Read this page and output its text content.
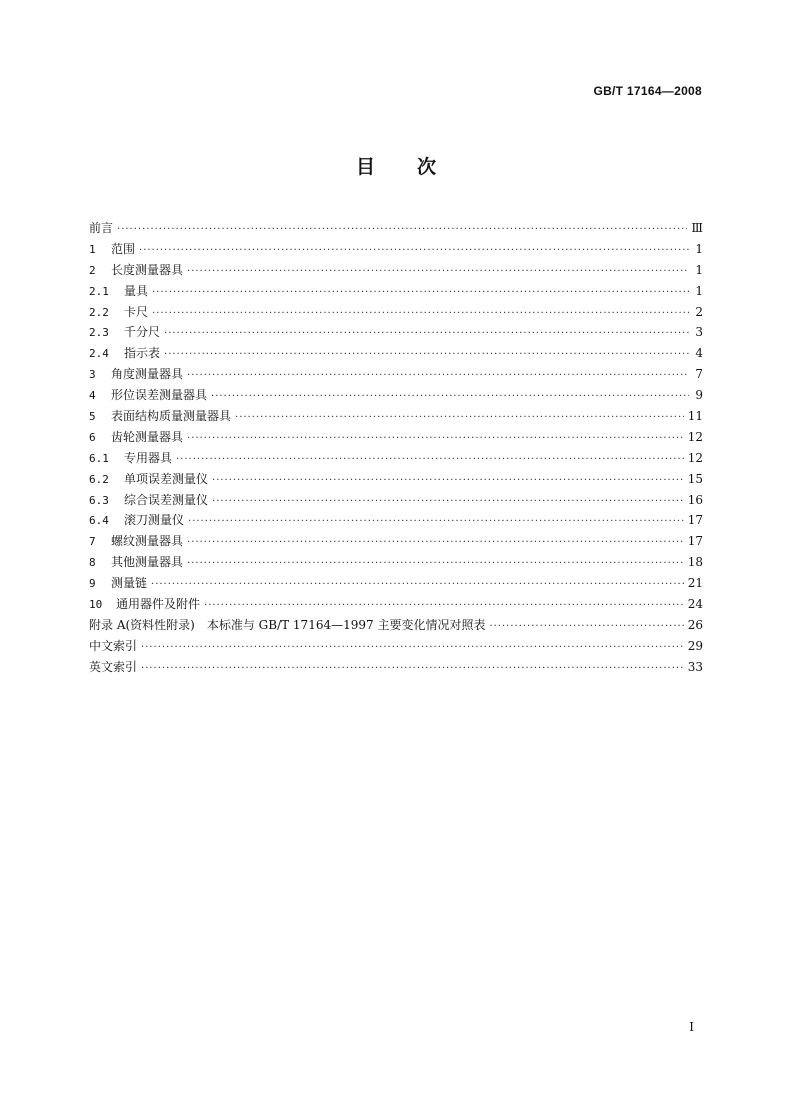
GB/T 17164—2008
目 次
前言 ·····	Ⅲ
1	范围 ·····	1
2	长度测量器具 ·····	1
2.1	量具 ·····	1
2.2	卡尺 ·····	2
2.3	千分尺 ·····	3
2.4	指示表 ·····	4
3	角度测量器具 ·····	7
4	形位误差测量器具 ·····	9
5	表面结构质量测量器具 ·····	11
6	齿轮测量器具 ·····	12
6.1	专用器具 ·····	12
6.2	单项误差测量仪 ·····	15
6.3	综合误差测量仪 ·····	16
6.4	滚刀测量仪 ·····	17
7	螺纹测量器具 ·····	17
8	其他测量器具 ·····	18
9	测量链 ·····	21
10	通用器件及附件 ·····	24
附录 A(资料性附录)　本标准与 GB/T 17164—1997 主要变化情况对照表 ·····	26
中文索引 ·····	29
英文索引 ·····	33
I
